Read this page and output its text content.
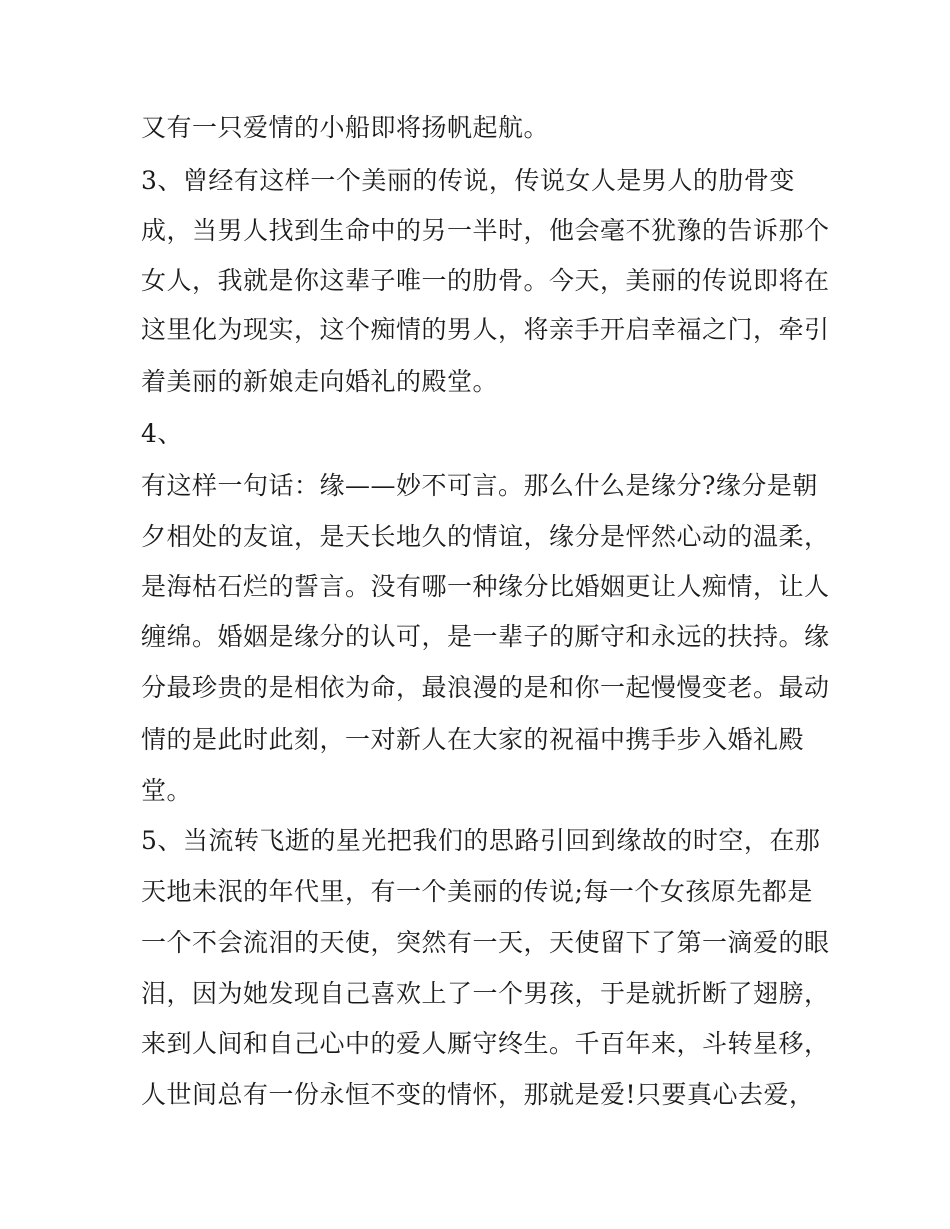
又有一只爱情的小船即将扬帆起航。
3、曾经有这样一个美丽的传说，传说女人是男人的肋骨变
成，当男人找到生命中的另一半时，他会毫不犹豫的告诉那个
女人，我就是你这辈子唯一的肋骨。今天，美丽的传说即将在
这里化为现实，这个痴情的男人，将亲手开启幸福之门，牵引
着美丽的新娘走向婚礼的殿堂。
4、
有这样一句话：缘——妙不可言。那么什么是缘分?缘分是朝
夕相处的友谊，是天长地久的情谊，缘分是怦然心动的温柔，
是海枯石烂的誓言。没有哪一种缘分比婚姻更让人痴情，让人
缠绵。婚姻是缘分的认可，是一辈子的厮守和永远的扶持。缘
分最珍贵的是相依为命，最浪漫的是和你一起慢慢变老。最动
情的是此时此刻，一对新人在大家的祝福中携手步入婚礼殿
堂。
5、当流转飞逝的星光把我们的思路引回到缘故的时空，在那
天地未泯的年代里，有一个美丽的传说;每一个女孩原先都是
一个不会流泪的天使，突然有一天，天使留下了第一滴爱的眼
泪，因为她发现自己喜欢上了一个男孩，于是就折断了翅膀，
来到人间和自己心中的爱人厮守终生。千百年来，斗转星移，
人世间总有一份永恒不变的情怀，那就是爱!只要真心去爱，
